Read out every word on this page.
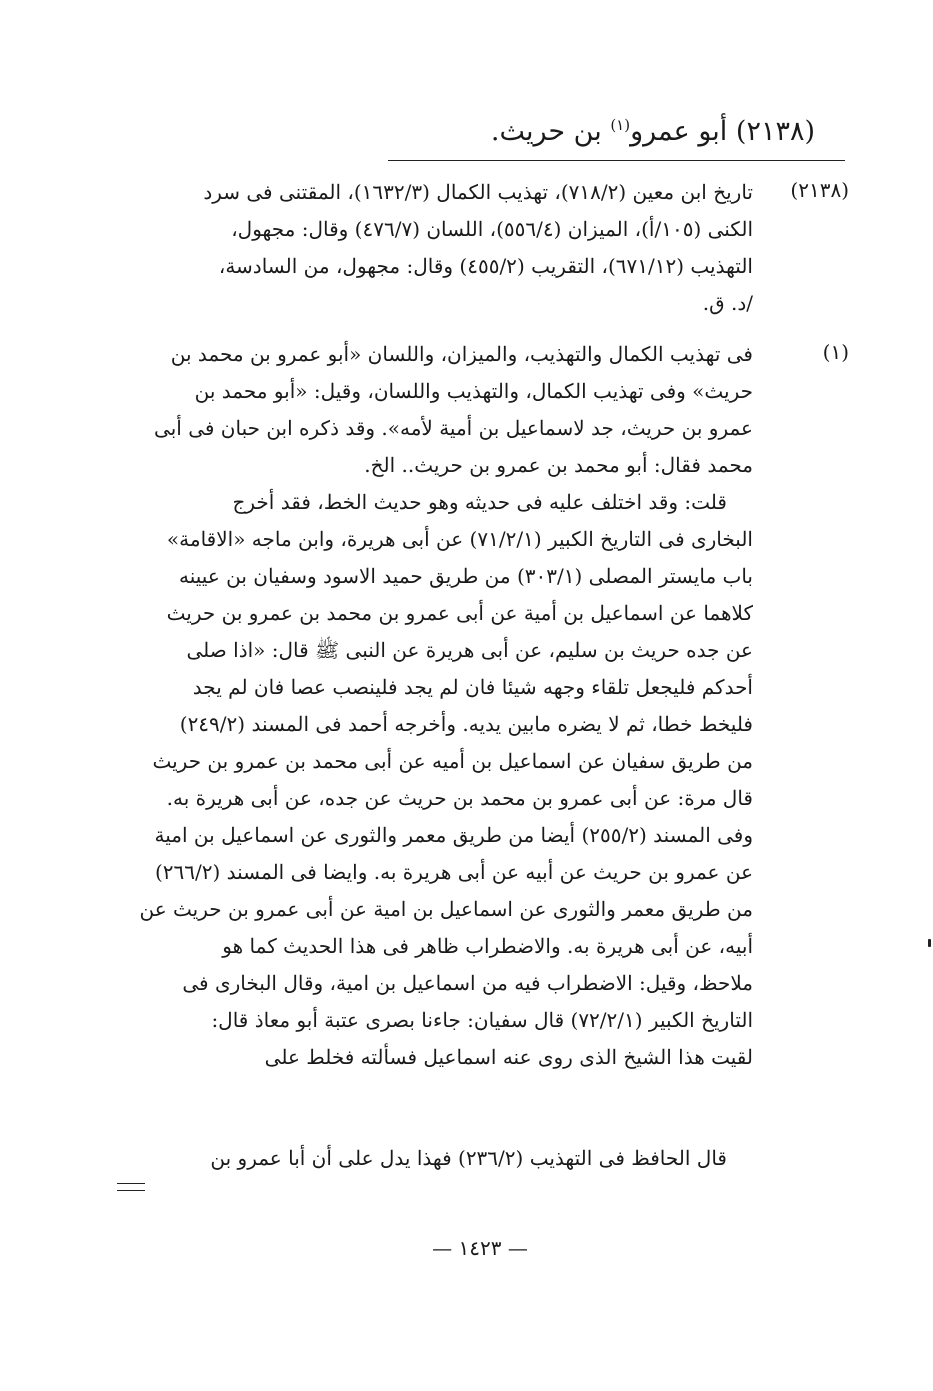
(٢١٣٨) أبو عمرو$^{(١)}$ بن حريث.
(٢١٣٨)
تاريخ ابن معين (٧١٨/٢)، تهذيب الكمال (١٦٣٢/٣)، المقتنى فى سرد
الكنى (١٠٥/أ)، الميزان (٥٥٦/٤)، اللسان (٤٧٦/٧) وقال: مجهول،
التهذيب (٦٧١/١٢)، التقريب (٤٥٥/٢) وقال: مجهول، من السادسة،
/د. ق.
(١)
فى تهذيب الكمال والتهذيب، والميزان، واللسان «أبو عمرو بن محمد بن
حريث» وفى تهذيب الكمال، والتهذيب واللسان، وقيل: «أبو محمد بن
عمرو بن حريث، جد لاسماعيل بن أمية لأمه». وقد ذكره ابن حبان فى أبى
محمد فقال: أبو محمد بن عمرو بن حريث.. الخ.
قلت: وقد اختلف عليه فى حديثه وهو حديث الخط، فقد أخرج
البخارى فى التاريخ الكبير (٧١/٢/١) عن أبى هريرة، وابن ماجه «الاقامة»
باب مايستر المصلى (٣٠٣/١) من طريق حميد الاسود وسفيان بن عيينه
كلاهما عن اسماعيل بن أمية عن أبى عمرو بن محمد بن عمرو بن حريث
عن جده حريث بن سليم، عن أبى هريرة عن النبى ﷺ قال: «اذا صلى
أحدكم فليجعل تلقاء وجهه شيئا فان لم يجد فلينصب عصا فان لم يجد
فليخط خطا، ثم لا يضره مابين يديه. وأخرجه أحمد فى المسند (٢٤٩/٢)
من طريق سفيان عن اسماعيل بن أميه عن أبى محمد بن عمرو بن حريث
قال مرة: عن أبى عمرو بن محمد بن حريث عن جده، عن أبى هريرة به.
وفى المسند (٢٥٥/٢) أيضا من طريق معمر والثورى عن اسماعيل بن امية
عن عمرو بن حريث عن أبيه عن أبى هريرة به. وايضا فى المسند (٢٦٦/٢)
من طريق معمر والثورى عن اسماعيل بن امية عن أبى عمرو بن حريث عن
أبيه، عن أبى هريرة به. والاضطراب ظاهر فى هذا الحديث كما هو
ملاحظ، وقيل: الاضطراب فيه من اسماعيل بن امية، وقال البخارى فى
التاريخ الكبير (٧٢/٢/١) قال سفيان: جاءنا بصرى عتبة أبو معاذ قال:
لقيت هذا الشيخ الذى روى عنه اسماعيل فسألته فخلط على
قال الحافظ فى التهذيب (٢٣٦/٢) فهذا يدل على أن أبا عمرو بن
— ١٤٢٣ —
